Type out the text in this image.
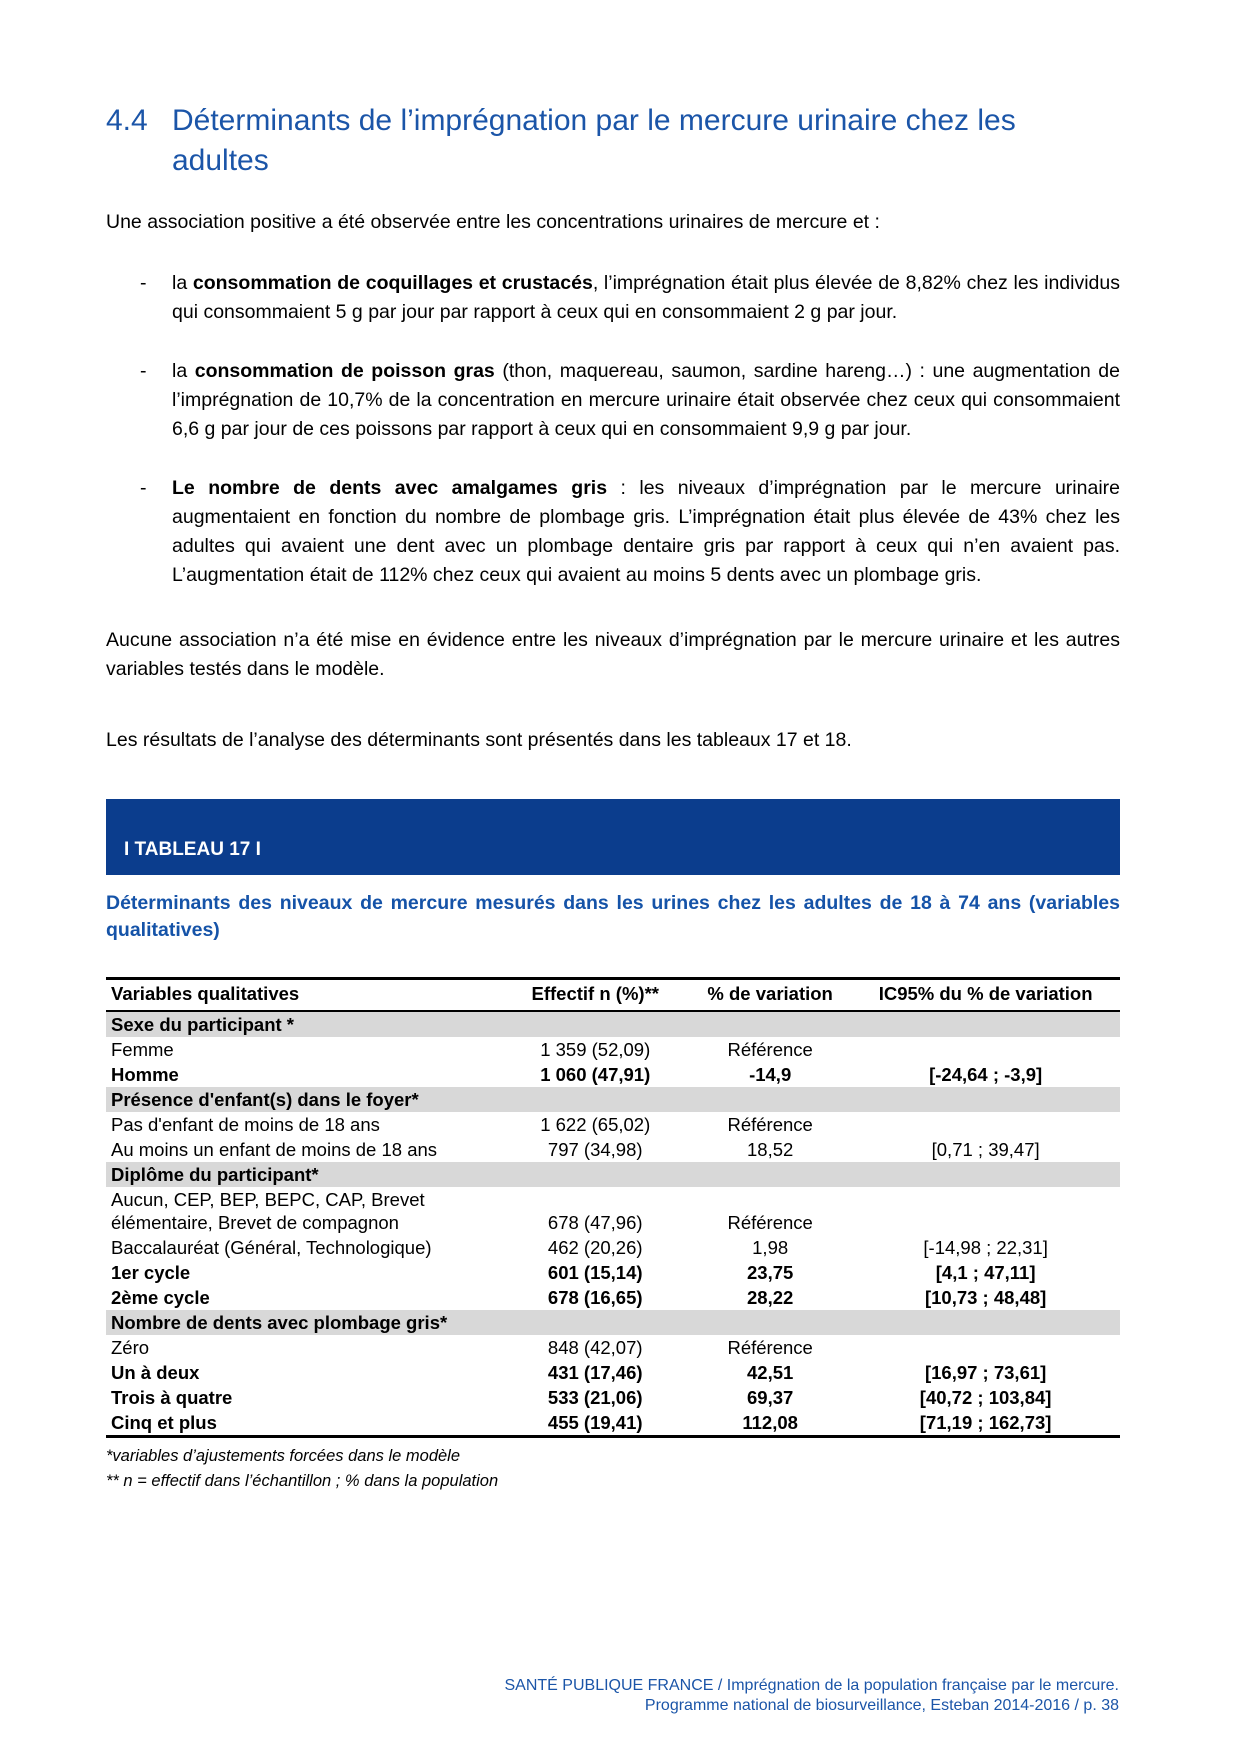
4.4 Déterminants de l’imprégnation par le mercure urinaire chez les adultes

Une association positive a été observée entre les concentrations urinaires de mercure et :

-	la consommation de coquillages et crustacés, l’imprégnation était plus élevée de 8,82% chez les individus qui consommaient 5 g par jour par rapport à ceux qui en consommaient 2 g par jour.

-	la consommation de poisson gras (thon, maquereau, saumon, sardine hareng…) : une augmentation de l’imprégnation de 10,7% de la concentration en mercure urinaire était observée chez ceux qui consommaient 6,6 g par jour de ces poissons par rapport à ceux qui en consommaient 9,9 g par jour.

-	Le nombre de dents avec amalgames gris : les niveaux d’imprégnation par le mercure urinaire augmentaient en fonction du nombre de plombage gris. L’imprégnation était plus élevée de 43% chez les adultes qui avaient une dent avec un plombage dentaire gris par rapport à ceux qui n’en avaient pas. L’augmentation était de 112% chez ceux qui avaient au moins 5 dents avec un plombage gris.

Aucune association n’a été mise en évidence entre les niveaux d’imprégnation par le mercure urinaire et les autres variables testés dans le modèle.

Les résultats de l’analyse des déterminants sont présentés dans les tableaux 17 et 18.

I TABLEAU 17 I

Déterminants des niveaux de mercure mesurés dans les urines chez les adultes de 18 à 74 ans (variables qualitatives)

Variables qualitatives	Effectif n (%)**	% de variation	IC95% du % de variation
Sexe du participant *			
Femme	1 359 (52,09)	Référence	
Homme	1 060 (47,91)	-14,9	[-24,64 ; -3,9]
Présence d'enfant(s) dans le foyer*			
Pas d'enfant de moins de 18 ans	1 622 (65,02)	Référence	
Au moins un enfant de moins de 18 ans	797 (34,98)	18,52	[0,71 ; 39,47]
Diplôme du participant*			
Aucun, CEP, BEP, BEPC, CAP, Brevet élémentaire, Brevet de compagnon	678 (47,96)	Référence	
Baccalauréat (Général, Technologique)	462 (20,26)	1,98	[-14,98 ; 22,31]
1er cycle	601 (15,14)	23,75	[4,1 ; 47,11]
2ème cycle	678 (16,65)	28,22	[10,73 ; 48,48]
Nombre de dents avec plombage gris*			
Zéro	848 (42,07)	Référence	
Un à deux	431 (17,46)	42,51	[16,97 ; 73,61]
Trois à quatre	533 (21,06)	69,37	[40,72 ; 103,84]
Cinq et plus	455 (19,41)	112,08	[71,19 ; 162,73]

*variables d’ajustements forcées dans le modèle

** n = effectif dans l’échantillon ; % dans la population

SANTÉ PUBLIQUE FRANCE / Imprégnation de la population française par le mercure.
Programme national de biosurveillance, Esteban 2014-2016 / p. 38
